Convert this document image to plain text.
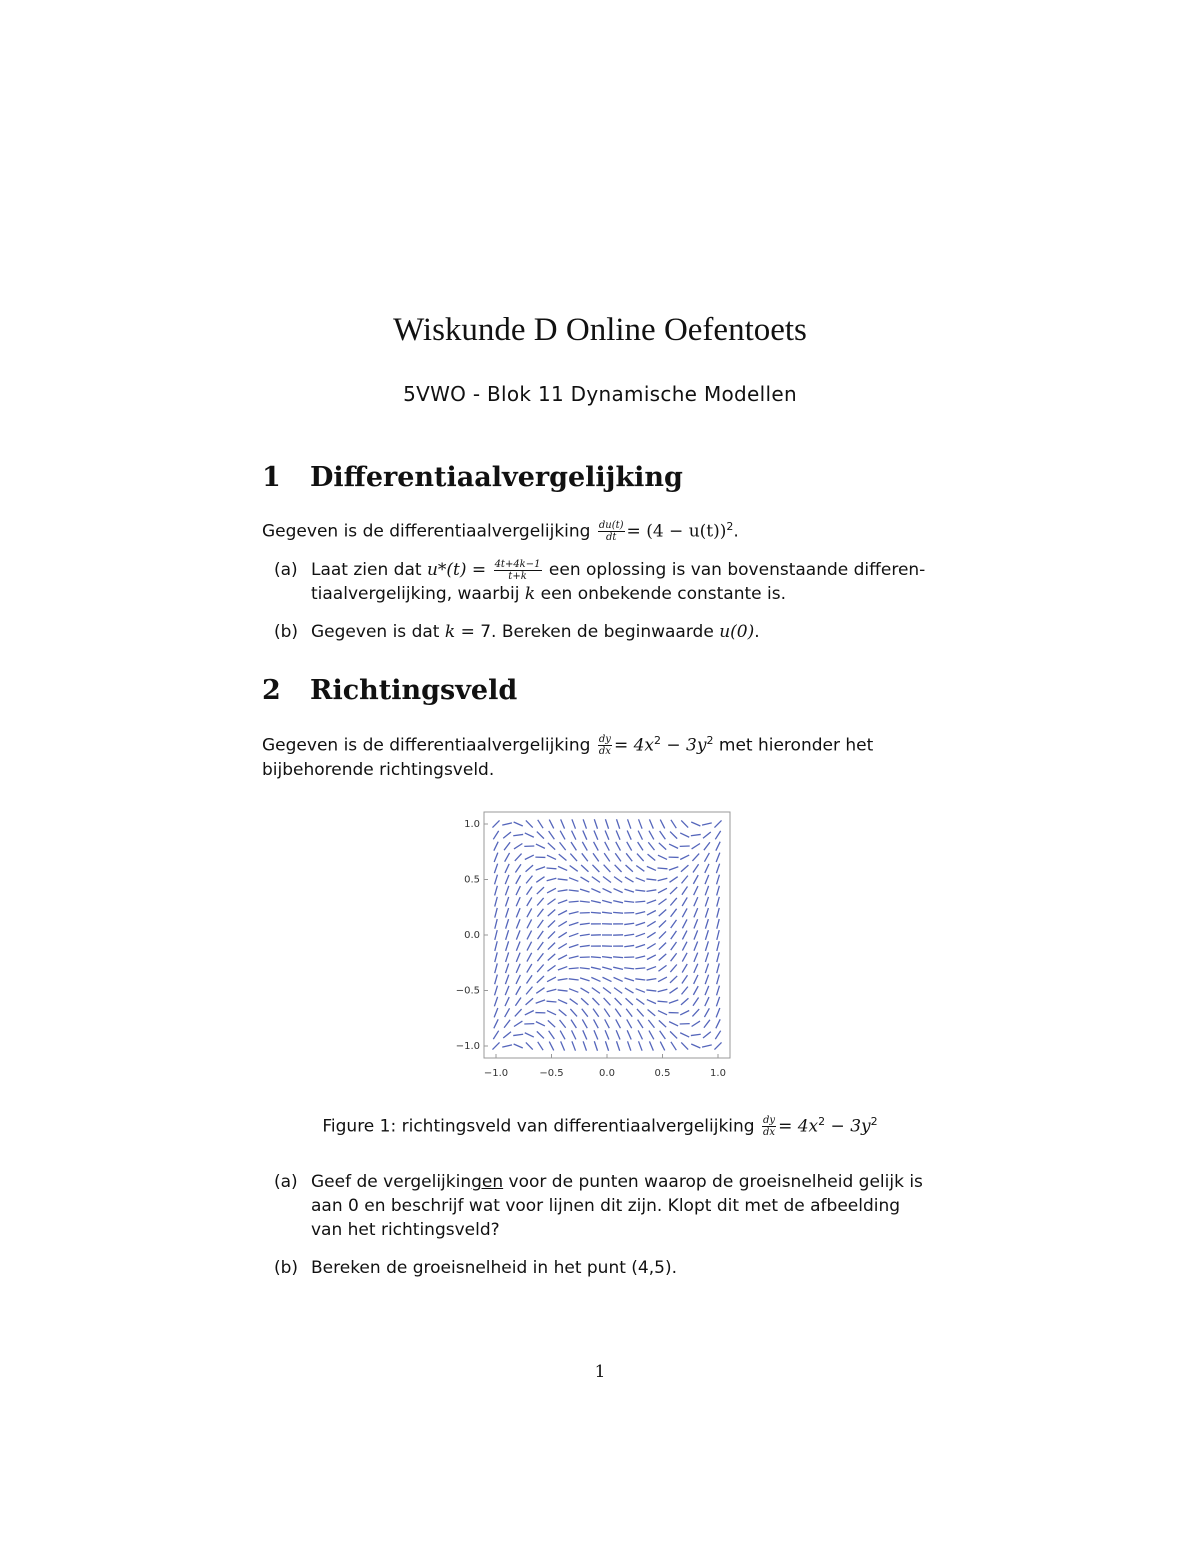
Wiskunde D Online Oefentoets
5VWO - Blok 11 Dynamische Modellen
1 Differentiaalvergelijking
Gegeven is de differentiaalvergelijking $\frac{du(t)}{dt} = (4 - u(t))^2$.
(a) Laat zien dat $u*(t) = \frac{4t+4k-1}{t+k}$ een oplossing is van bovenstaande differen-
tiaalvergelijking, waarbij k een onbekende constante is.
(b) Gegeven is dat k = 7. Bereken de beginwaarde u(0).
2 Richtingsveld
Gegeven is de differentiaalvergelijking $\frac{dy}{dx} = 4x^2 - 3y^2$ met hieronder het
bijbehorende richtingsveld.
−1.0	−0.5	0.0	0.5	1.0
1.0
0.5
0.0
−0.5
−1.0
Figure 1: richtingsveld van differentiaalvergelijking $\frac{dy}{dx} = 4x^2 - 3y^2$
(a) Geef de vergelijkingen voor de punten waarop de groeisnelheid gelijk is
aan 0 en beschrijf wat voor lijnen dit zijn. Klopt dit met de afbeelding
van het richtingsveld?
(b) Bereken de groeisnelheid in het punt (4,5).
1
